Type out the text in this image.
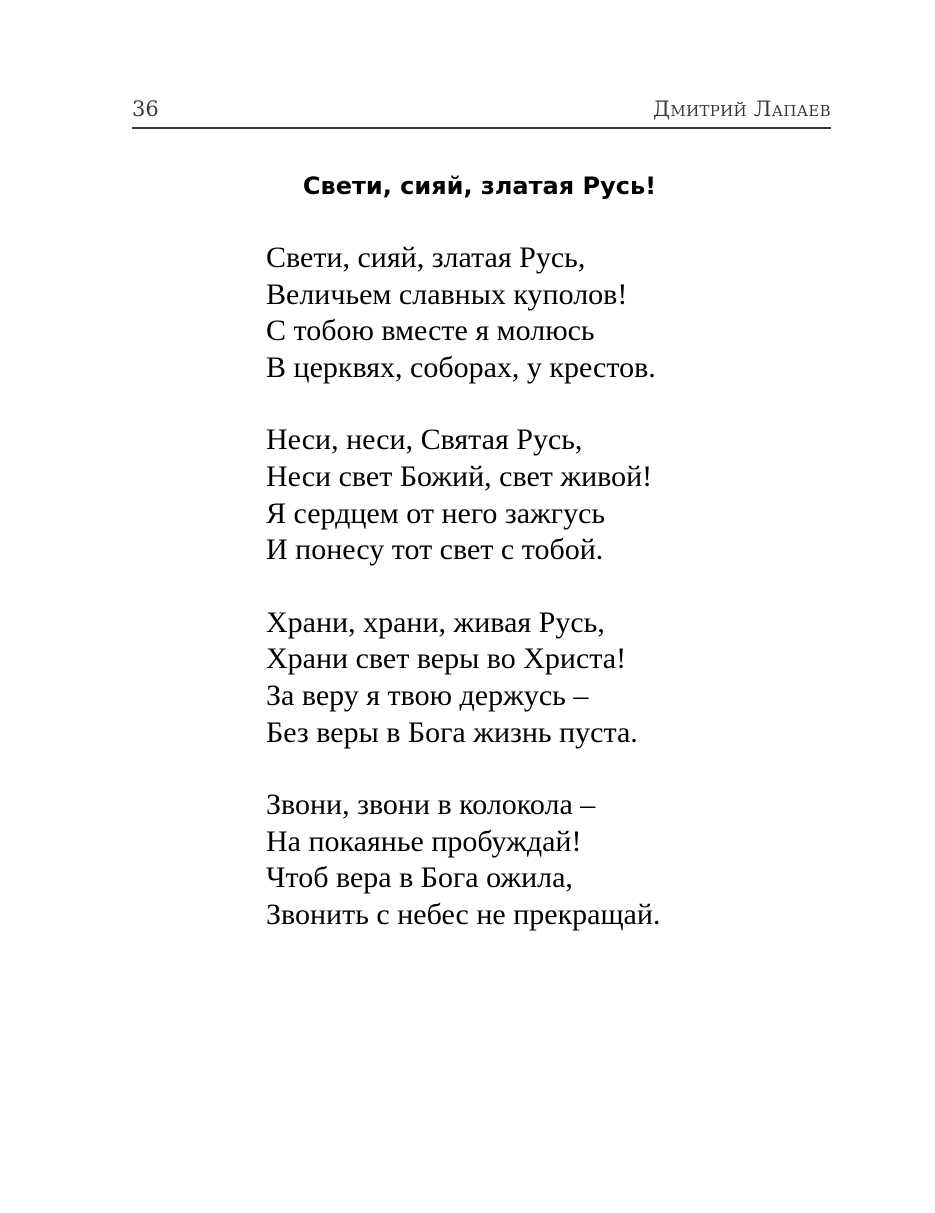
36	Дмитрий Лапаев
Свети, сияй, златая Русь!
Свети, сияй, златая Русь,
Величьем славных куполов!
С тобою вместе я молюсь
В церквях, соборах, у крестов.
Неси, неси, Святая Русь,
Неси свет Божий, свет живой!
Я сердцем от него зажгусь
И понесу тот свет с тобой.
Храни, храни, живая Русь,
Храни свет веры во Христа!
За веру я твою держусь –
Без веры в Бога жизнь пуста.
Звони, звони в колокола –
На покаянье пробуждай!
Чтоб вера в Бога ожила,
Звонить с небес не прекращай.
